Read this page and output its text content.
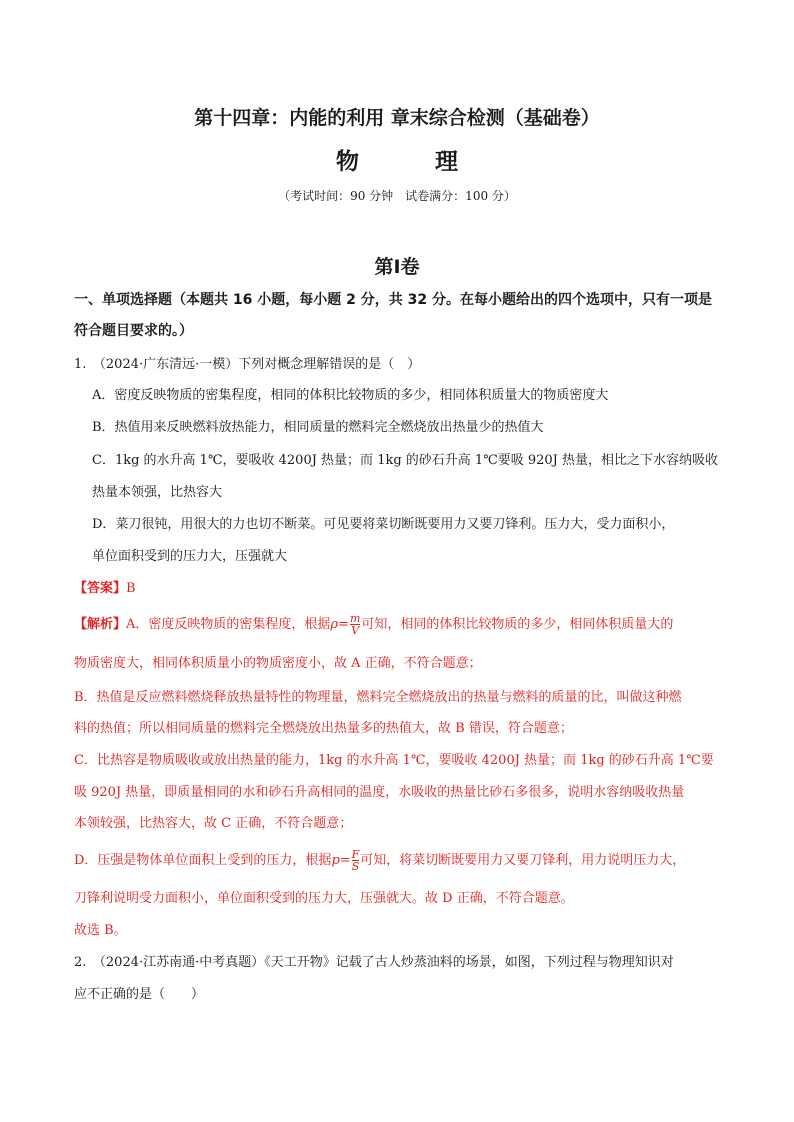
第十四章：内能的利用 章末综合检测（基础卷）
物 理
（考试时间：90 分钟　试卷满分：100 分）
第Ⅰ卷
一、单项选择题（本题共 16 小题，每小题 2 分，共 32 分。在每小题给出的四个选项中，只有一项是
符合题目要求的。）
1.　（2024·广东清远·一模）下列对概念理解错误的是（　）
A．密度反映物质的密集程度，相同的体积比较物质的多少，相同体积质量大的物质密度大
B．热值用来反映燃料放热能力，相同质量的燃料完全燃烧放出热量少的热值大
C．1kg 的水升高 1℃，要吸收 4200J 热量；而 1kg 的砂石升高 1℃要吸 920J 热量，相比之下水容纳吸收
热量本领强，比热容大
D．菜刀很钝，用很大的力也切不断菜。可见要将菜切断既要用力又要刀锋利。压力大，受力面积小，
单位面积受到的压力大，压强就大
【答案】B
【解析】A．密度反映物质的密集程度，根据$\rho= \frac{m}{V}$ 可知，相同的体积比较物质的多少，相同体积质量大的
物质密度大，相同体积质量小的物质密度小，故 A 正确，不符合题意；
B．热值是反应燃料燃烧释放热量特性的物理量，燃料完全燃烧放出的热量与燃料的质量的比，叫做这种燃
料的热值；所以相同质量的燃料完全燃烧放出热量多的热值大，故 B 错误，符合题意；
C．比热容是物质吸收或放出热量的能力，1kg 的水升高 1℃，要吸收 4200J 热量；而 1kg 的砂石升高 1℃要
吸 920J 热量，即质量相同的水和砂石升高相同的温度，水吸收的热量比砂石多很多，说明水容纳吸收热量
本领较强，比热容大，故 C 正确，不符合题意；
D．压强是物体单位面积上受到的压力，根据$p= \frac{F}{S}$ 可知，将菜切断既要用力又要刀锋利，用力说明压力大，
刀锋利说明受力面积小，单位面积受到的压力大，压强就大。故 D 正确，不符合题意。
故选 B。
2.　（2024·江苏南通·中考真题）《天工开物》记载了古人炒蒸油料的场景，如图，下列过程与物理知识对
应不正确的是（　　）
